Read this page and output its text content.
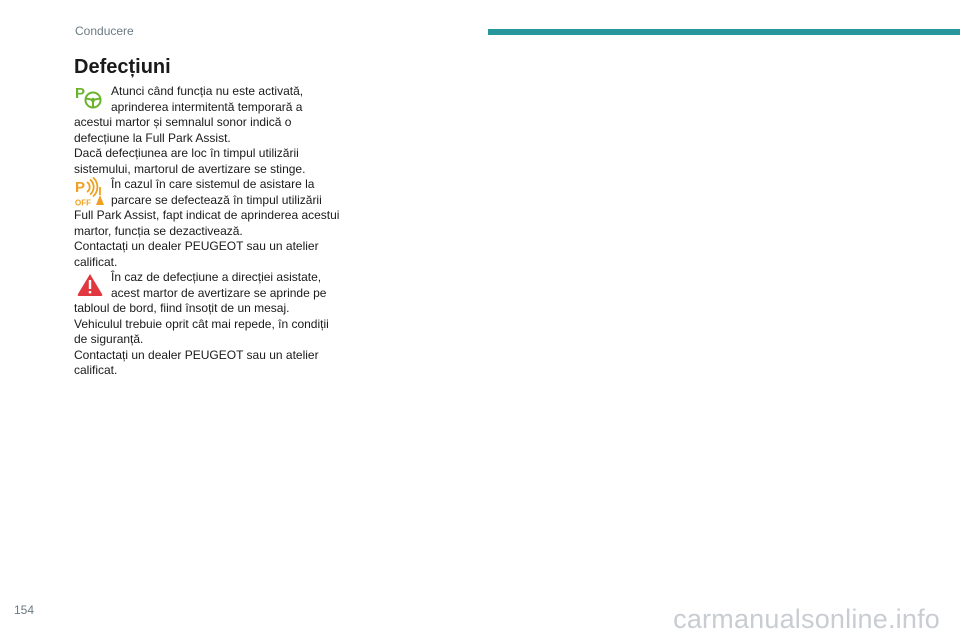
Conducere
Defecțiuni
P	Atunci când funcția nu este activată, aprinderea intermitentă temporară a acestui martor și semnalul sonor indică o defecțiune la Full Park Assist.

Dacă defecțiunea are loc în timpul utilizării sistemului, martorul de avertizare se stinge.

P
OFF

În cazul în care sistemul de asistare la parcare se defectează în timpul utilizării Full Park Assist, fapt indicat de aprinderea acestui martor, funcția se dezactivează.

Contactați un dealer PEUGEOT sau un atelier calificat.

În caz de defecțiune a direcției asistate, acest martor de avertizare se aprinde pe tabloul de bord, fiind însoțit de un mesaj.

Vehiculul trebuie oprit cât mai repede, în condiții de siguranță.

Contactați un dealer PEUGEOT sau un atelier calificat.

154	carmanualsonline.info
